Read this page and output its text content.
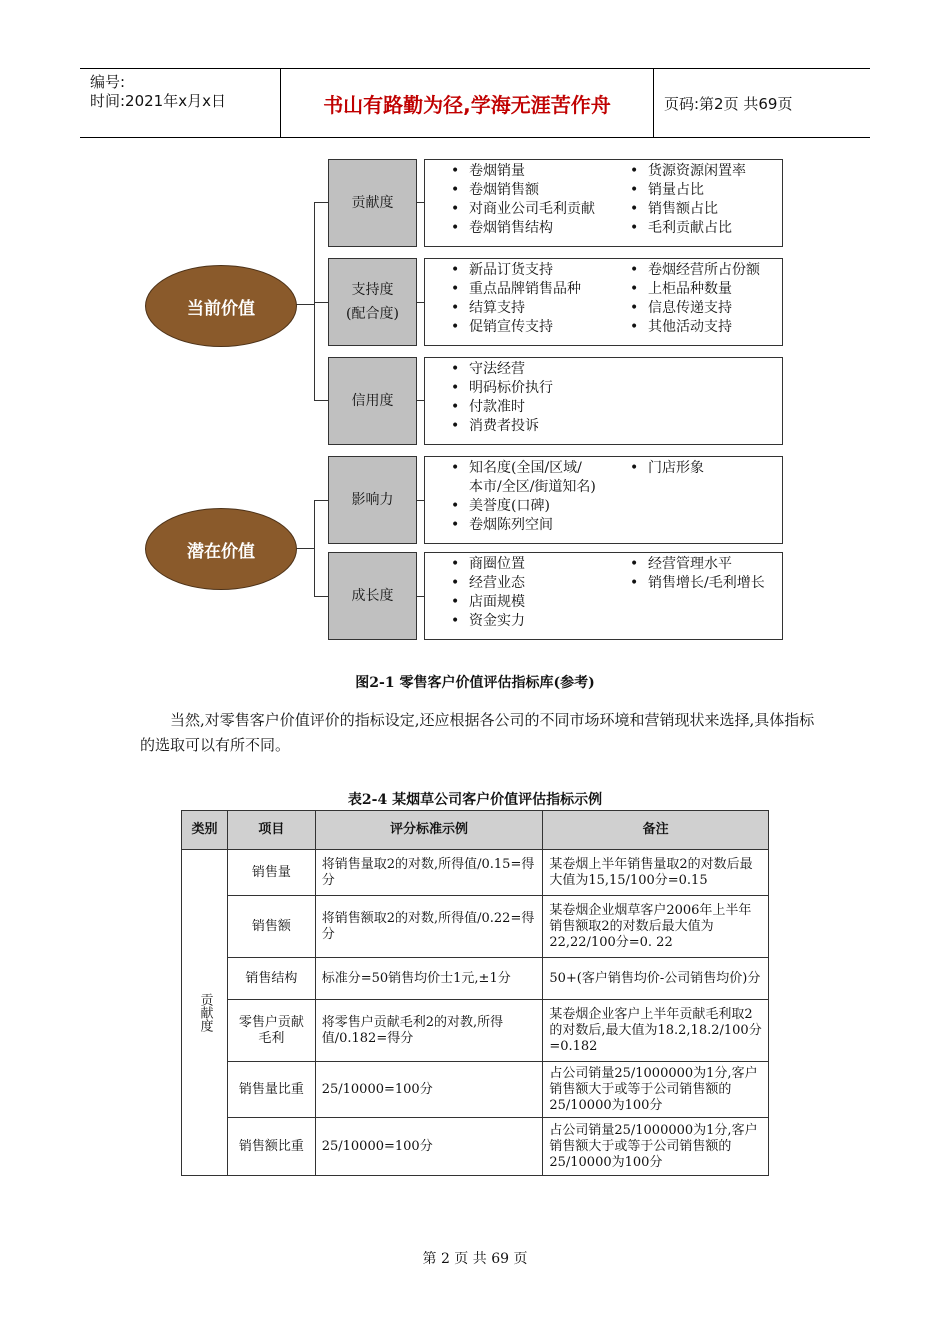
编号:
时间:2021年x月x日	书山有路勤为径,学海无涯苦作舟	页码:第2页 共69页
当前价值
潜在价值
贡献度
• 卷烟销量
• 卷烟销售额
• 对商业公司毛利贡献
• 卷烟销售结构
• 货源资源闲置率
• 销量占比
• 销售额占比
• 毛利贡献占比
支持度
(配合度)
• 新品订货支持
• 重点品牌销售品种
• 结算支持
• 促销宣传支持
• 卷烟经营所占份额
• 上柜品种数量
• 信息传递支持
• 其他活动支持
信用度
• 守法经营
• 明码标价执行
• 付款准时
• 消费者投诉
影响力
• 知名度(全国/区域/
本市/全区/街道知名)
• 美誉度(口碑)
• 卷烟陈列空间
• 门店形象
成长度
• 商圈位置
• 经营业态
• 店面规模
• 资金实力
• 经营管理水平
• 销售增长/毛利增长
图2-1 零售客户价值评估指标库(参考)
当然,对零售客户价值评价的指标设定,还应根据各公司的不同市场环境和营销现状来选择,具体指标的选取可以有所不同。
表2-4 某烟草公司客户价值评估指标示例
类别	项目	评分标准示例	备注
贡献度	销售量	将销售量取2的对数,所得值/0.15=得分	某卷烟上半年销售量取2的对数后最大值为15,15/100分=0.15
	销售额	将销售额取2的对数,所得值/0.22=得分	某卷烟企业烟草客户2006年上半年销售额取2的对数后最大值为22,22/100分=0. 22
	销售结构	标准分=50销售均价士1元,±1分	50+(客户销售均价-公司销售均价)分
	零售户贡献毛利	将零售户贡献毛利2的对教,所得值/0.182=得分	某卷烟企业客户上半年贡献毛利取2的对数后,最大值为18.2,18.2/100分=0.182
	销售量比重	25/10000=100分	占公司销量25/1000000为1分,客户销售额大于或等于公司销售额的25/10000为100分
	销售额比重	25/10000=100分	占公司销量25/1000000为1分,客户销售额大于或等于公司销售额的25/10000为100分
第 2 页 共 69 页
